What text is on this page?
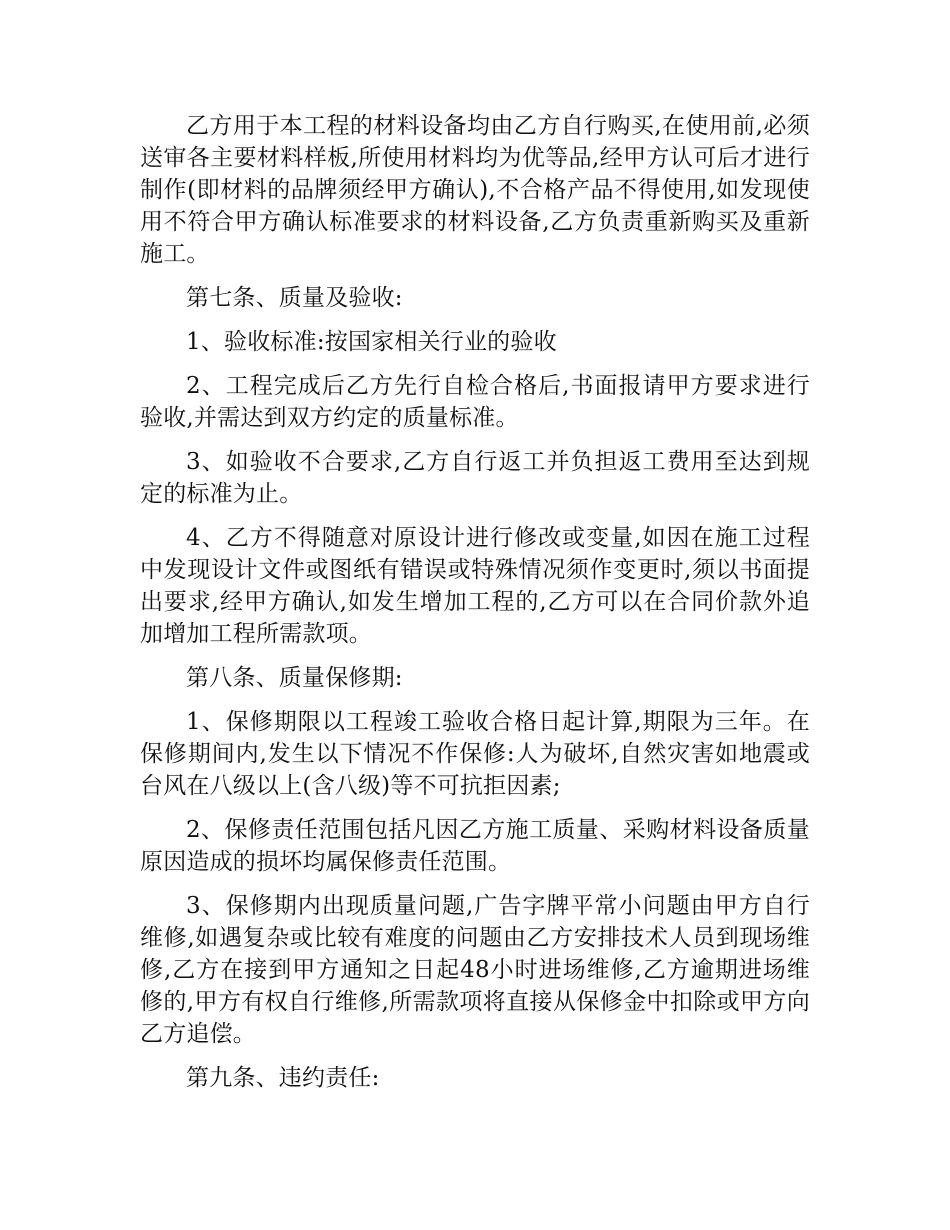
乙方用于本工程的材料设备均由乙方自行购买,在使用前,必须送审各主要材料样板,所使用材料均为优等品,经甲方认可后才进行制作(即材料的品牌须经甲方确认),不合格产品不得使用,如发现使用不符合甲方确认标准要求的材料设备,乙方负责重新购买及重新施工。

第七条、质量及验收:

1、验收标准:按国家相关行业的验收

2、工程完成后乙方先行自检合格后,书面报请甲方要求进行验收,并需达到双方约定的质量标准。

3、如验收不合要求,乙方自行返工并负担返工费用至达到规定的标准为止。

4、乙方不得随意对原设计进行修改或变量,如因在施工过程中发现设计文件或图纸有错误或特殊情况须作变更时,须以书面提出要求,经甲方确认,如发生增加工程的,乙方可以在合同价款外追加增加工程所需款项。

第八条、质量保修期:

1、保修期限以工程竣工验收合格日起计算,期限为三年。在保修期间内,发生以下情况不作保修:人为破坏,自然灾害如地震或台风在八级以上(含八级)等不可抗拒因素;

2、保修责任范围包括凡因乙方施工质量、采购材料设备质量原因造成的损坏均属保修责任范围。

3、保修期内出现质量问题,广告字牌平常小问题由甲方自行维修,如遇复杂或比较有难度的问题由乙方安排技术人员到现场维修,乙方在接到甲方通知之日起48小时进场维修,乙方逾期进场维修的,甲方有权自行维修,所需款项将直接从保修金中扣除或甲方向乙方追偿。

第九条、违约责任:
